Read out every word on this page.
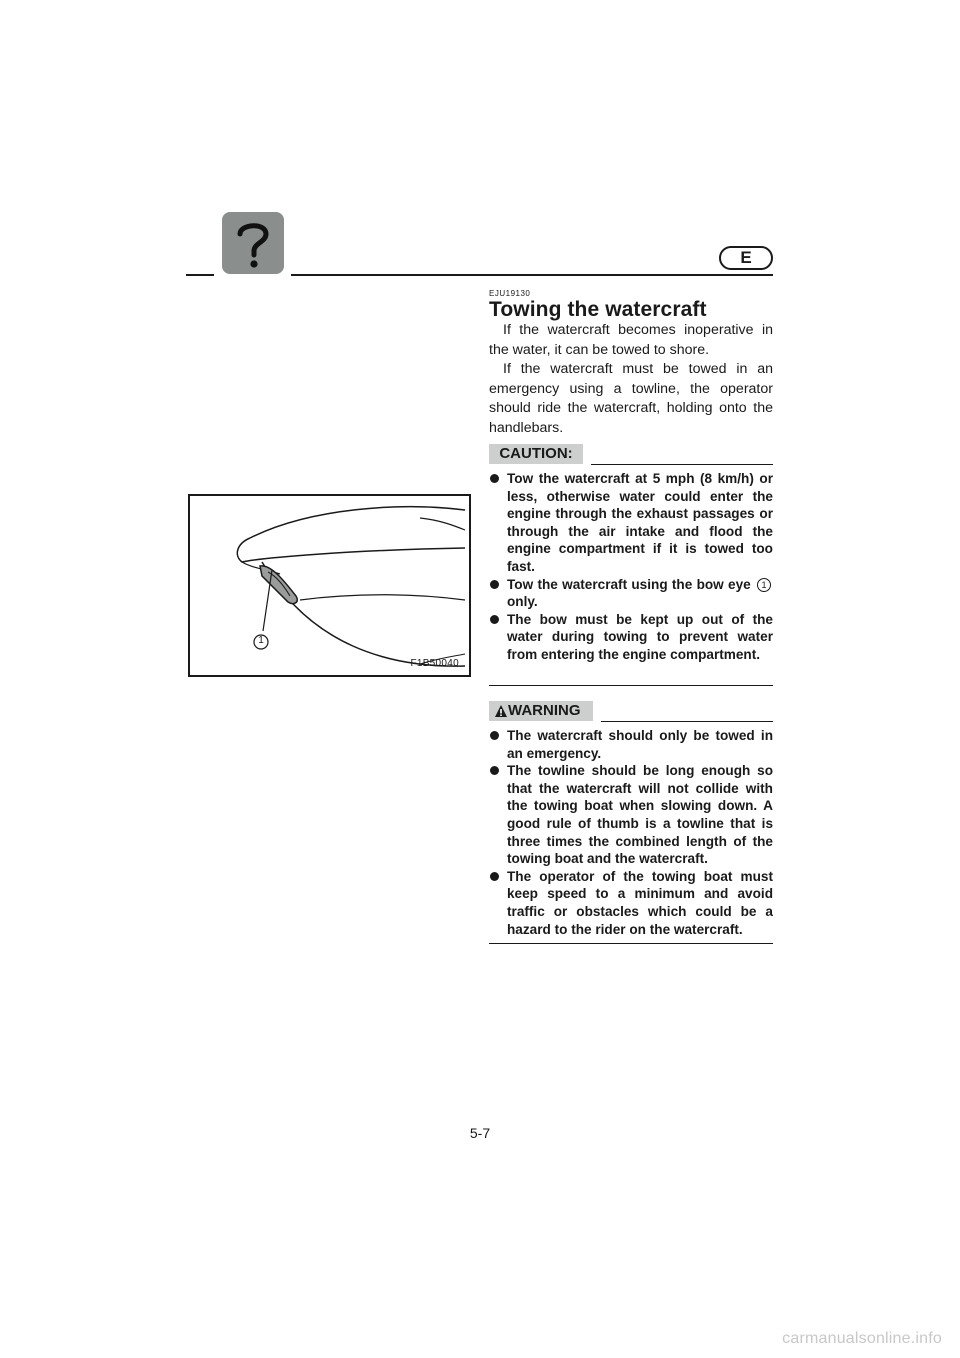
E
1
F1B50040
EJU19130
Towing the watercraft

If the watercraft becomes inoperative in the water, it can be towed to shore.

If the watercraft must be towed in an emergency using a towline, the operator should ride the watercraft, holding onto the handlebars.

CAUTION:
Tow the watercraft at 5 mph (8 km/h) or less, otherwise water could enter the engine through the exhaust passages or through the air intake and flood the engine compartment if it is towed too fast.
Tow the watercraft using the bow eye 1 only.
The bow must be kept up out of the water during towing to prevent water from entering the engine compartment.
WARNING
The watercraft should only be towed in an emergency.
The towline should be long enough so that the watercraft will not collide with the towing boat when slowing down. A good rule of thumb is a towline that is three times the combined length of the towing boat and the watercraft.
The operator of the towing boat must keep speed to a minimum and avoid traffic or obstacles which could be a hazard to the rider on the watercraft.
5-7
carmanualsonline.info
